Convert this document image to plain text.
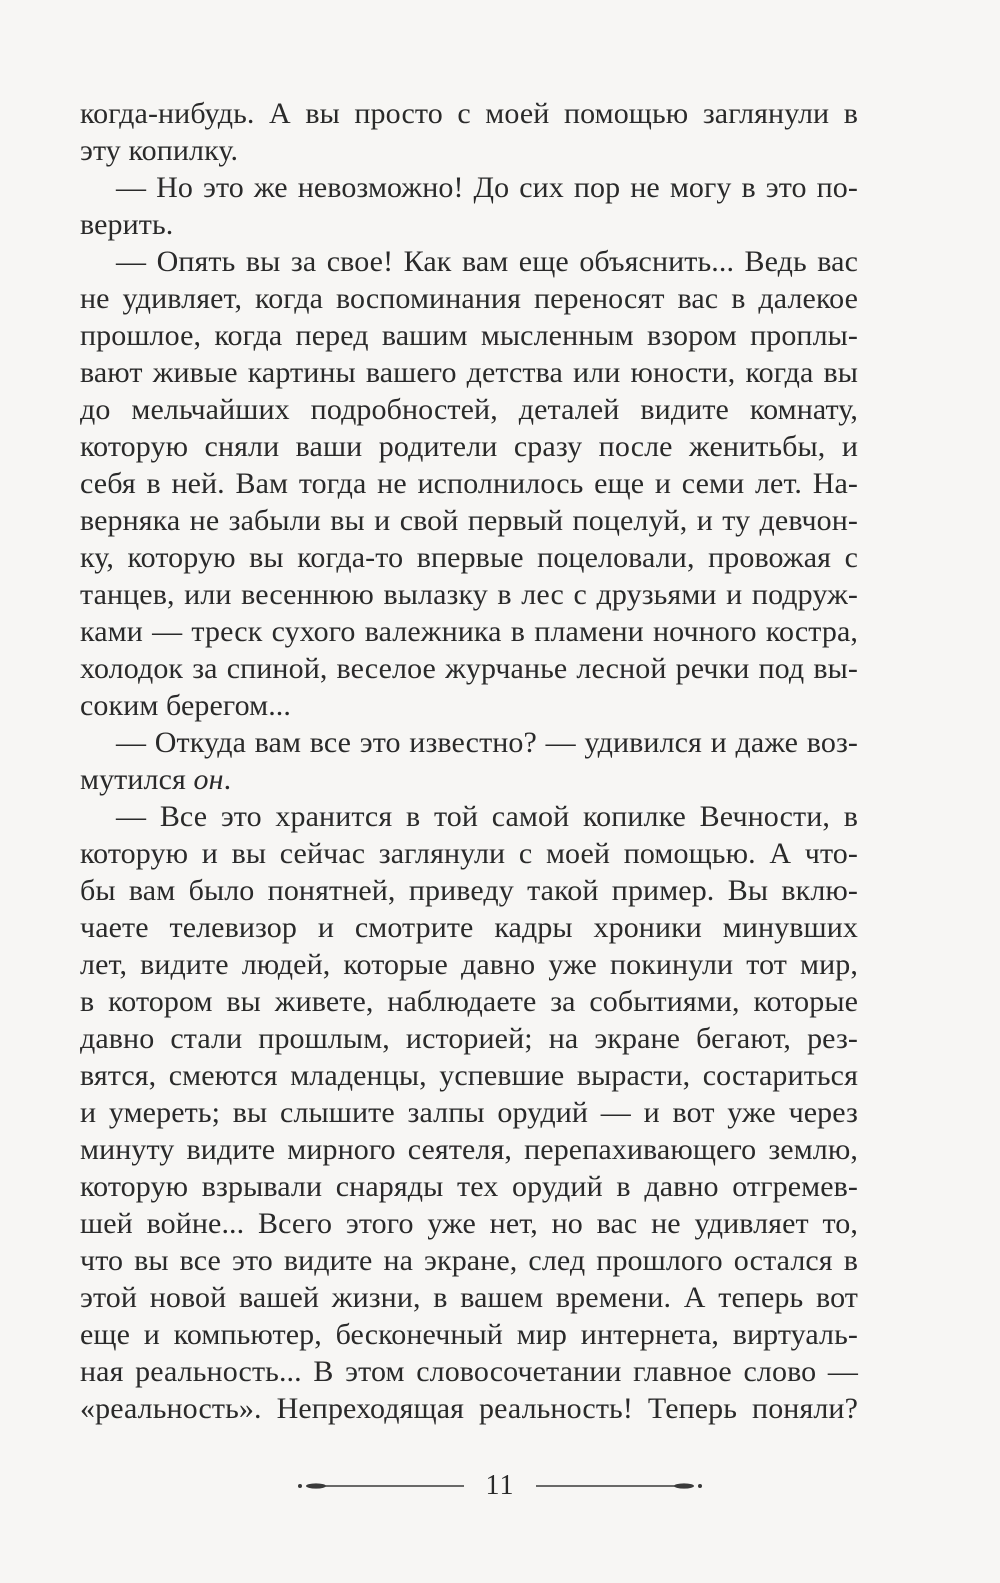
когда-нибудь. А вы просто с моей помощью заглянули в
эту копилку.
— Но это же невозможно! До сих пор не могу в это по-
верить.
— Опять вы за свое! Как вам еще объяснить... Ведь вас
не удивляет, когда воспоминания переносят вас в далекое
прошлое, когда перед вашим мысленным взором проплы-
вают живые картины вашего детства или юности, когда вы
до мельчайших подробностей, деталей видите комнату,
которую сняли ваши родители сразу после женитьбы, и
себя в ней. Вам тогда не исполнилось еще и семи лет. На-
верняка не забыли вы и свой первый поцелуй, и ту девчон-
ку, которую вы когда-то впервые поцеловали, провожая с
танцев, или весеннюю вылазку в лес с друзьями и подруж-
ками — треск сухого валежника в пламени ночного костра,
холодок за спиной, веселое журчанье лесной речки под вы-
соким берегом...
— Откуда вам все это известно? — удивился и даже воз-
мутился он.
— Все это хранится в той самой копилке Вечности, в
которую и вы сейчас заглянули с моей помощью. А что-
бы вам было понятней, приведу такой пример. Вы вклю-
чаете телевизор и смотрите кадры хроники минувших
лет, видите людей, которые давно уже покинули тот мир,
в котором вы живете, наблюдаете за событиями, которые
давно стали прошлым, историей; на экране бегают, рез-
вятся, смеются младенцы, успевшие вырасти, состариться
и умереть; вы слышите залпы орудий — и вот уже через
минуту видите мирного сеятеля, перепахивающего землю,
которую взрывали снаряды тех орудий в давно отгремев-
шей войне... Всего этого уже нет, но вас не удивляет то,
что вы все это видите на экране, след прошлого остался в
этой новой вашей жизни, в вашем времени. А теперь вот
еще и компьютер, бесконечный мир интернета, виртуаль-
ная реальность... В этом словосочетании главное слово —
«реальность». Непреходящая реальность! Теперь поняли?
11
